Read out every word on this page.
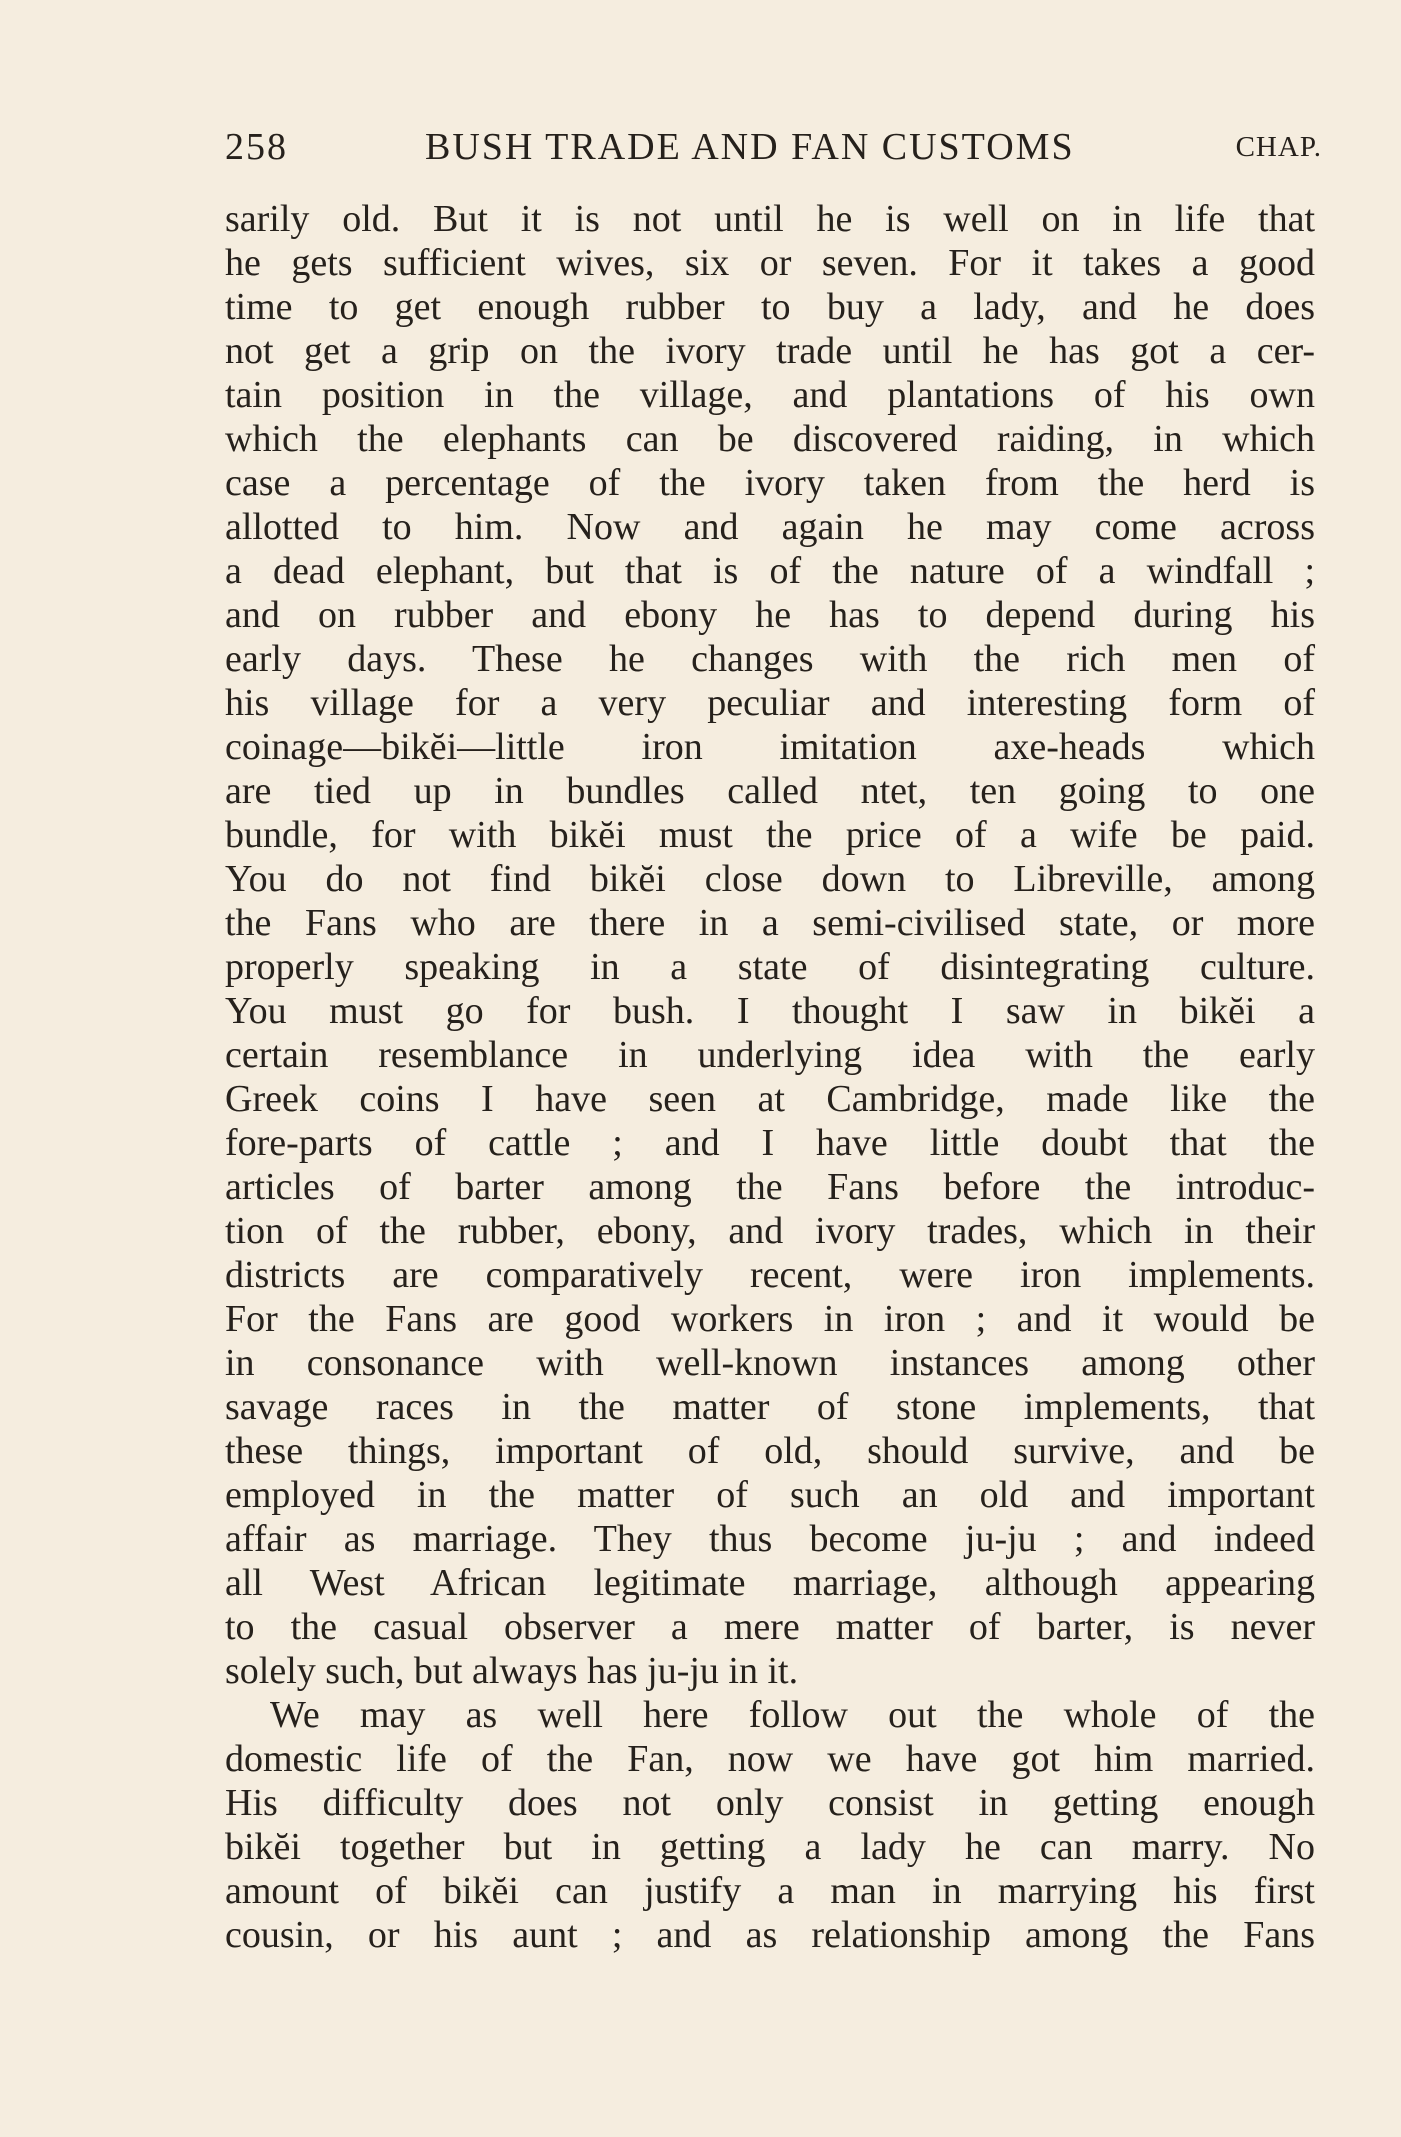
258	BUSH TRADE AND FAN CUSTOMS	CHAP.
sarily old. But it is not until he is well on in life that
he gets sufficient wives, six or seven. For it takes a good
time to get enough rubber to buy a lady, and he does
not get a grip on the ivory trade until he has got a cer-
tain position in the village, and plantations of his own
which the elephants can be discovered raiding, in which
case a percentage of the ivory taken from the herd is
allotted to him. Now and again he may come across
a dead elephant, but that is of the nature of a windfall ;
and on rubber and ebony he has to depend during his
early days. These he changes with the rich men of
his village for a very peculiar and interesting form of
coinage—bikĕi—little iron imitation axe-heads which
are tied up in bundles called ntet, ten going to one
bundle, for with bikĕi must the price of a wife be paid.
You do not find bikĕi close down to Libreville, among
the Fans who are there in a semi-civilised state, or more
properly speaking in a state of disintegrating culture.
You must go for bush. I thought I saw in bikĕi a
certain resemblance in underlying idea with the early
Greek coins I have seen at Cambridge, made like the
fore-parts of cattle ; and I have little doubt that the
articles of barter among the Fans before the introduc-
tion of the rubber, ebony, and ivory trades, which in their
districts are comparatively recent, were iron implements.
For the Fans are good workers in iron ; and it would be
in consonance with well-known instances among other
savage races in the matter of stone implements, that
these things, important of old, should survive, and be
employed in the matter of such an old and important
affair as marriage. They thus become ju-ju ; and indeed
all West African legitimate marriage, although appearing
to the casual observer a mere matter of barter, is never
solely such, but always has ju-ju in it.
We may as well here follow out the whole of the
domestic life of the Fan, now we have got him married.
His difficulty does not only consist in getting enough
bikĕi together but in getting a lady he can marry. No
amount of bikĕi can justify a man in marrying his first
cousin, or his aunt ; and as relationship among the Fans
